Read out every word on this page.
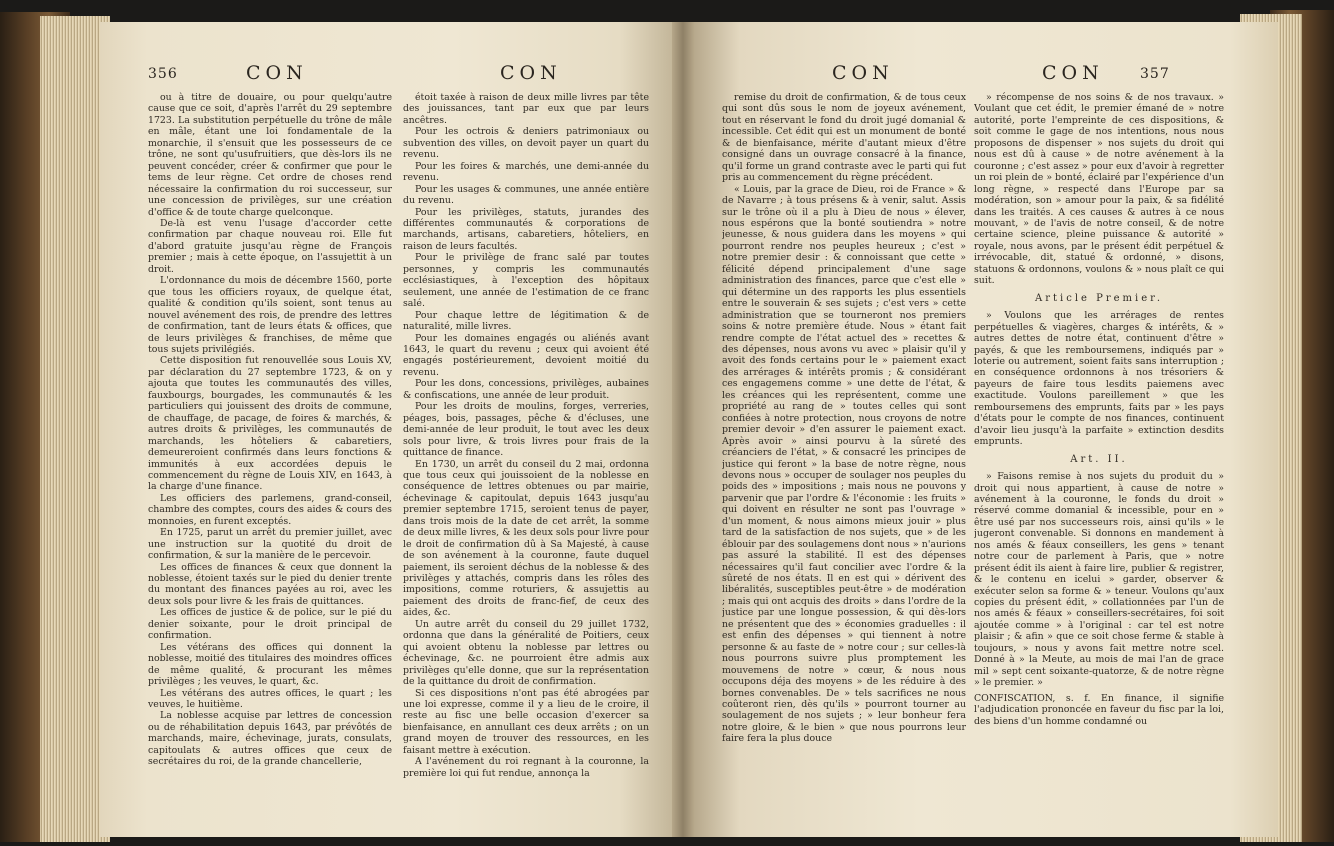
356	CON	CON	CON	CON	357

ou à titre de douaire, ou pour quelqu'autre cause que ce soit, d'après l'arrêt du 29 septembre 1723. La substitution perpétuelle du trône de mâle en mâle, étant une loi fondamentale de la monarchie, il s'ensuit que les possesseurs de ce trône, ne sont qu'usufruitiers, que dès-lors ils ne peuvent concéder, créer & confirmer que pour le tems de leur règne. Cet ordre de choses rend nécessaire la confirmation du roi successeur, sur une concession de privilèges, sur une création d'office & de toute charge quelconque.

De-là est venu l'usage d'accorder cette confirmation par chaque nouveau roi. Elle fut d'abord gratuite jusqu'au règne de François premier ; mais à cette époque, on l'assujettit à un droit.

L'ordonnance du mois de décembre 1560, porte que tous les officiers royaux, de quelque état, qualité & condition qu'ils soient, sont tenus au nouvel avénement des rois, de prendre des lettres de confirmation, tant de leurs états & offices, que de leurs privilèges & franchises, de même que tous sujets privilégiés.

Cette disposition fut renouvellée sous Louis XV, par déclaration du 27 septembre 1723, & on y ajouta que toutes les communautés des villes, fauxbourgs, bourgades, les communautés & les particuliers qui jouissent des droits de commune, de chauffage, de pacage, de foires & marchés, & autres droits & privilèges, les communautés de marchands, les hôteliers & cabaretiers, demeureroient confirmés dans leurs fonctions & immunités à eux accordées depuis le commencement du règne de Louis XIV, en 1643, à la charge d'une finance.

Les officiers des parlemens, grand-conseil, chambre des comptes, cours des aides & cours des monnoies, en furent exceptés.

En 1725, parut un arrêt du premier juillet, avec une instruction sur la quotité du droit de confirmation, & sur la manière de le percevoir.

Les offices de finances & ceux que donnent la noblesse, étoient taxés sur le pied du denier trente du montant des finances payées au roi, avec les deux sols pour livre & les frais de quittances.

Les offices de justice & de police, sur le pié du denier soixante, pour le droit principal de confirmation.

Les vétérans des offices qui donnent la noblesse, moitié des titulaires des moindres offices de même qualité, & procurant les mêmes privilèges ; les veuves, le quart, &c.

Les vétérans des autres offices, le quart ; les veuves, le huitième.

La noblesse acquise par lettres de concession ou de réhabilitation depuis 1643, par prévôtés de marchands, maire, échevinage, jurats, consulats, capitoulats & autres offices que ceux de secrétaires du roi, de la grande chancellerie,

étoit taxée à raison de deux mille livres par tête des jouissances, tant par eux que par leurs ancêtres.

Pour les octrois & deniers patrimoniaux ou subvention des villes, on devoit payer un quart du revenu.

Pour les foires & marchés, une demi-année du revenu.

Pour les usages & communes, une année entière du revenu.

Pour les privilèges, statuts, jurandes des différentes communautés & corporations de marchands, artisans, cabaretiers, hôteliers, en raison de leurs facultés.

Pour le privilège de franc salé par toutes personnes, y compris les communautés ecclésiastiques, à l'exception des hôpitaux seulement, une année de l'estimation de ce franc salé.

Pour chaque lettre de légitimation & de naturalité, mille livres.

Pour les domaines engagés ou aliénés avant 1643, le quart du revenu ; ceux qui avoient été engagés postérieurement, devoient moitié du revenu.

Pour les dons, concessions, privilèges, aubaines & confiscations, une année de leur produit.

Pour les droits de moulins, forges, verreries, péages, bois, passages, pêche & d'écluses, une demi-année de leur produit, le tout avec les deux sols pour livre, & trois livres pour frais de la quittance de finance.

En 1730, un arrêt du conseil du 2 mai, ordonna que tous ceux qui jouissoient de la noblesse en conséquence de lettres obtenues ou par mairie, échevinage & capitoulat, depuis 1643 jusqu'au premier septembre 1715, seroient tenus de payer, dans trois mois de la date de cet arrêt, la somme de deux mille livres, & les deux sols pour livre pour le droit de confirmation dû à Sa Majesté, à cause de son avénement à la couronne, faute duquel paiement, ils seroient déchus de la noblesse & des privilèges y attachés, compris dans les rôles des impositions, comme roturiers, & assujettis au paiement des droits de franc-fief, de ceux des aides, &c.

Un autre arrêt du conseil du 29 juillet 1732, ordonna que dans la généralité de Poitiers, ceux qui avoient obtenu la noblesse par lettres ou échevinage, &c. ne pourroient être admis aux privilèges qu'elle donne, que sur la représentation de la quittance du droit de confirmation.

Si ces dispositions n'ont pas été abrogées par une loi expresse, comme il y a lieu de le croire, il reste au fisc une belle occasion d'exercer sa bienfaisance, en annullant ces deux arrêts ; on un grand moyen de trouver des ressources, en les faisant mettre à exécution.

A l'avénement du roi regnant à la couronne, la première loi qui fut rendue, annonça la

remise du droit de confirmation, & de tous ceux qui sont dûs sous le nom de joyeux avénement, tout en réservant le fond du droit jugé domanial & incessible. Cet édit qui est un monument de bonté & de bienfaisance, mérite d'autant mieux d'être consigné dans un ouvrage consacré à la finance, qu'il forme un grand contraste avec le parti qui fut pris au commencement du règne précédent.

« Louis, par la grace de Dieu, roi de France » & de Navarre ; à tous présens & à venir, salut. Assis sur le trône où il a plu à Dieu de nous » élever, nous espérons que la bonté soutiendra » notre jeunesse, & nous guidera dans les moyens » qui pourront rendre nos peuples heureux ; c'est » notre premier desir : & connoissant que cette » félicité dépend principalement d'une sage administration des finances, parce que c'est elle » qui détermine un des rapports les plus essentiels entre le souverain & ses sujets ; c'est vers » cette administration que se tourneront nos premiers soins & notre première étude. Nous » étant fait rendre compte de l'état actuel des » recettes & des dépenses, nous avons vu avec » plaisir qu'il y avoit des fonds certains pour le » paiement exact des arrérages & intérêts promis ; & considérant ces engagemens comme » une dette de l'état, & les créances qui les représentent, comme une propriété au rang de » toutes celles qui sont confiées à notre protection, nous croyons de notre premier devoir » d'en assurer le paiement exact. Après avoir » ainsi pourvu à la sûreté des créanciers de l'état, » & consacré les principes de justice qui feront » la base de notre règne, nous devons nous » occuper de soulager nos peuples du poids des » impositions ; mais nous ne pouvons y parvenir que par l'ordre & l'économie : les fruits » qui doivent en résulter ne sont pas l'ouvrage » d'un moment, & nous aimons mieux jouir » plus tard de la satisfaction de nos sujets, que » de les éblouir par des soulagemens dont nous » n'aurions pas assuré la stabilité. Il est des dépenses nécessaires qu'il faut concilier avec l'ordre & la sûreté de nos états. Il en est qui » dérivent des libéralités, susceptibles peut-être » de modération ; mais qui ont acquis des droits » dans l'ordre de la justice par une longue possession, & qui dès-lors ne présentent que des » économies graduelles : il est enfin des dépenses » qui tiennent à notre personne & au faste de » notre cour ; sur celles-là nous pourrons suivre plus promptement les mouvemens de notre » cœur, & nous nous occupons déja des moyens » de les réduire à des bornes convenables. De » tels sacrifices ne nous coûteront rien, dès qu'ils » pourront tourner au soulagement de nos sujets ; » leur bonheur fera notre gloire, & le bien » que nous pourrons leur faire fera la plus douce

» récompense de nos soins & de nos travaux. » Voulant que cet édit, le premier émané de » notre autorité, porte l'empreinte de ces dispositions, & soit comme le gage de nos intentions, nous nous proposons de dispenser » nos sujets du droit qui nous est dû à cause » de notre avénement à la couronne ; c'est assez » pour eux d'avoir à regretter un roi plein de » bonté, éclairé par l'expérience d'un long règne, » respecté dans l'Europe par sa modération, son » amour pour la paix, & sa fidélité dans les traités. A ces causes & autres à ce nous mouvant, » de l'avis de notre conseil, & de notre certaine science, pleine puissance & autorité » royale, nous avons, par le présent édit perpétuel & irrévocable, dit, statué & ordonné, » disons, statuons & ordonnons, voulons & » nous plaît ce qui suit.

Article Premier.

» Voulons que les arrérages de rentes perpétuelles & viagères, charges & intérêts, & » autres dettes de notre état, continuent d'être » payés, & que les remboursemens, indiqués par » loterie ou autrement, soient faits sans interruption ; en conséquence ordonnons à nos trésoriers & payeurs de faire tous lesdits paiemens avec exactitude. Voulons pareillement » que les remboursemens des emprunts, faits par » les pays d'états pour le compte de nos finances, continuent d'avoir lieu jusqu'à la parfaite » extinction desdits emprunts.

Art. II.

» Faisons remise à nos sujets du produit du » droit qui nous appartient, à cause de notre » avénement à la couronne, le fonds du droit » réservé comme domanial & incessible, pour en » être usé par nos successeurs rois, ainsi qu'ils » le jugeront convenable. Si donnons en mandement à nos amés & féaux conseillers, les gens » tenant notre cour de parlement à Paris, que » notre présent édit ils aient à faire lire, publier & registrer, & le contenu en icelui » garder, observer & exécuter selon sa forme & » teneur. Voulons qu'aux copies du présent édit, » collationnées par l'un de nos amés & féaux » conseillers-secrétaires, foi soit ajoutée comme » à l'original : car tel est notre plaisir ; & afin » que ce soit chose ferme & stable à toujours, » nous y avons fait mettre notre scel. Donné à » la Meute, au mois de mai l'an de grace mil » sept cent soixante-quatorze, & de notre règne » le premier. »

CONFISCATION, s. f. En finance, il signifie l'adjudication prononcée en faveur du fisc par la loi, des biens d'un homme condamné ou
